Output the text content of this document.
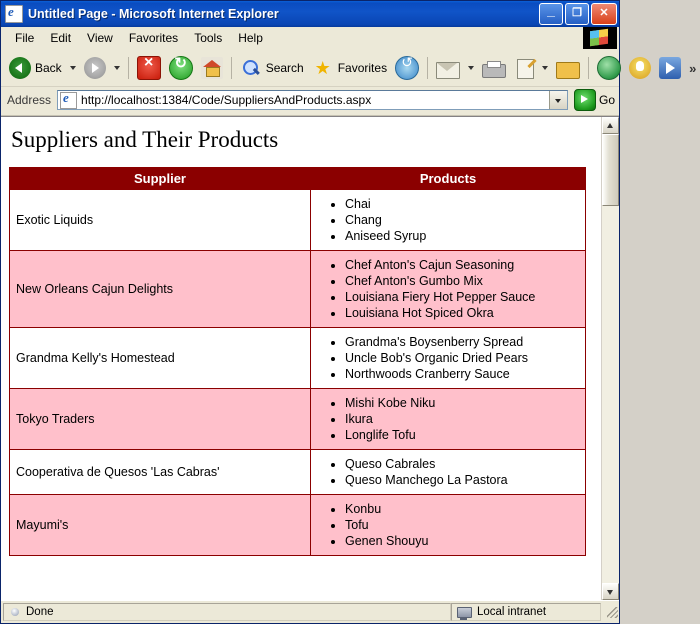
e
Untitled Page - Microsoft Internet Explorer	_	❐	✕
File	Edit	View	Favorites	Tools	Help
Back × ↻	Search ★	Favorites ↺	»
Address e	http://localhost:1384/Code/SuppliersAndProducts.aspx	Go
Suppliers and Their Products
Supplier	Products
Exotic Liquids	
• Chai
• Chang
• Aniseed Syrup

New Orleans Cajun Delights	
• Chef Anton's Cajun Seasoning
• Chef Anton's Gumbo Mix
• Louisiana Fiery Hot Pepper Sauce
• Louisiana Hot Spiced Okra

Grandma Kelly's Homestead	
• Grandma's Boysenberry Spread
• Uncle Bob's Organic Dried Pears
• Northwoods Cranberry Sauce

Tokyo Traders	
• Mishi Kobe Niku
• Ikura
• Longlife Tofu

Cooperativa de Quesos 'Las Cabras'	
• Queso Cabrales
• Queso Manchego La Pastora

Mayumi's	
• Konbu
• Tofu
• Genen Shouyu
Done	Local intranet
